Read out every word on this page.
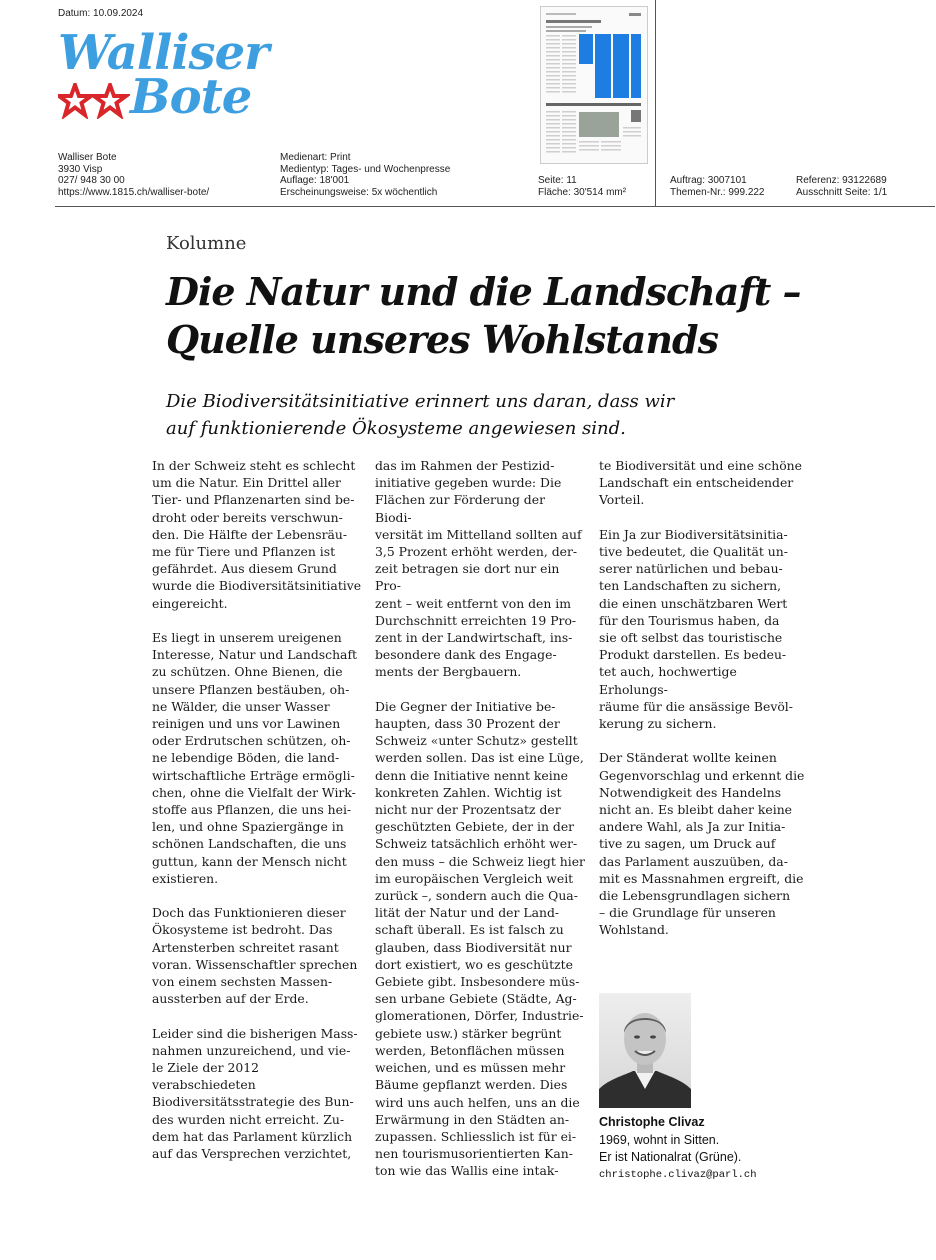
Datum: 10.09.2024
Walliser
Bote
Walliser Bote
3930 Visp
027/ 948 30 00
https://www.1815.ch/walliser-bote/
Medienart: Print
Medientyp: Tages- und Wochenpresse
Auflage: 18'001
Erscheinungsweise: 5x wöchentlich
Seite: 11
Fläche: 30'514 mm²
Auftrag: 3007101
Themen-Nr.: 999.222
Referenz: 93122689
Ausschnitt Seite: 1/1
Kolumne
Die Natur und die Landschaft –
Quelle unseres Wohlstands
Die Biodiversitätsinitiative erinnert uns daran, dass wir
auf funktionierende Ökosysteme angewiesen sind.

In der Schweiz steht es schlecht
um die Natur. Ein Drittel aller
Tier- und Pflanzenarten sind be-
droht oder bereits verschwun-
den. Die Hälfte der Lebensräu-
me für Tiere und Pflanzen ist
gefährdet. Aus diesem Grund
wurde die Biodiversitätsinitiative
eingereicht.

Es liegt in unserem ureigenen
Interesse, Natur und Landschaft
zu schützen. Ohne Bienen, die
unsere Pflanzen bestäuben, oh-
ne Wälder, die unser Wasser
reinigen und uns vor Lawinen
oder Erdrutschen schützen, oh-
ne lebendige Böden, die land-
wirtschaftliche Erträge ermögli-
chen, ohne die Vielfalt der Wirk-
stoffe aus Pflanzen, die uns hei-
len, und ohne Spaziergänge in
schönen Landschaften, die uns
guttun, kann der Mensch nicht
existieren.

Doch das Funktionieren dieser
Ökosysteme ist bedroht. Das
Artensterben schreitet rasant
voran. Wissenschaftler sprechen
von einem sechsten Massen-
aussterben auf der Erde.

Leider sind die bisherigen Mass-
nahmen unzureichend, und vie-
le Ziele der 2012 verabschiedeten
Biodiversitätsstrategie des Bun-
des wurden nicht erreicht. Zu-
dem hat das Parlament kürzlich
auf das Versprechen verzichtet,

das im Rahmen der Pestizid-
initiative gegeben wurde: Die
Flächen zur Förderung der Biodi-
versität im Mittelland sollten auf
3,5 Prozent erhöht werden, der-
zeit betragen sie dort nur ein Pro-
zent – weit entfernt von den im
Durchschnitt erreichten 19 Pro-
zent in der Landwirtschaft, ins-
besondere dank des Engage-
ments der Bergbauern.

Die Gegner der Initiative be-
haupten, dass 30 Prozent der
Schweiz «unter Schutz» gestellt
werden sollen. Das ist eine Lüge,
denn die Initiative nennt keine
konkreten Zahlen. Wichtig ist
nicht nur der Prozentsatz der
geschützten Gebiete, der in der
Schweiz tatsächlich erhöht wer-
den muss – die Schweiz liegt hier
im europäischen Vergleich weit
zurück –, sondern auch die Qua-
lität der Natur und der Land-
schaft überall. Es ist falsch zu
glauben, dass Biodiversität nur
dort existiert, wo es geschützte
Gebiete gibt. Insbesondere müs-
sen urbane Gebiete (Städte, Ag-
glomerationen, Dörfer, Industrie-
gebiete usw.) stärker begrünt
werden, Betonflächen müssen
weichen, und es müssen mehr
Bäume gepflanzt werden. Dies
wird uns auch helfen, uns an die
Erwärmung in den Städten an-
zupassen. Schliesslich ist für ei-
nen tourismusorientierten Kan-
ton wie das Wallis eine intak-

te Biodiversität und eine schöne
Landschaft ein entscheidender
Vorteil.

Ein Ja zur Biodiversitätsinitia-
tive bedeutet, die Qualität un-
serer natürlichen und bebau-
ten Landschaften zu sichern,
die einen unschätzbaren Wert
für den Tourismus haben, da
sie oft selbst das touristische
Produkt darstellen. Es bedeu-
tet auch, hochwertige Erholungs-
räume für die ansässige Bevöl-
kerung zu sichern.

Der Ständerat wollte keinen
Gegenvorschlag und erkennt die
Notwendigkeit des Handelns
nicht an. Es bleibt daher keine
andere Wahl, als Ja zur Initia-
tive zu sagen, um Druck auf
das Parlament auszuüben, da-
mit es Massnahmen ergreift, die
die Lebensgrundlagen sichern
– die Grundlage für unseren
Wohlstand.

Christophe Clivaz
1969, wohnt in Sitten.
Er ist Nationalrat (Grüne).
christophe.clivaz@parl.ch
